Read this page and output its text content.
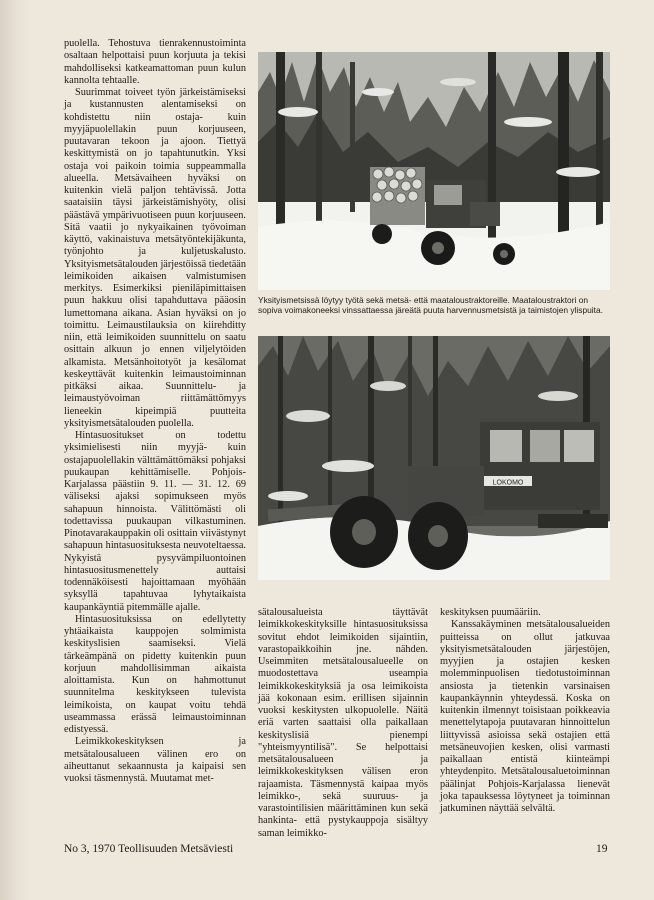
puolella. Tehostuva tienrakennustoiminta osaltaan helpottaisi puun korjuuta ja tekisi mahdolliseksi katkeamattoman puun kulun kannolta tehtaalle.

Suurimmat toiveet työn järkeistämiseksi ja kustannusten alentamiseksi on kohdistettu niin ostaja- kuin myyjäpuolellakin puun korjuuseen, puutavaran tekoon ja ajoon. Tiettyä keskittymistä on jo tapahtunutkin. Yksi ostaja voi paikoin toimia suppeammalla alueella. Metsävaiheen hyväksi on kuitenkin vielä paljon tehtävissä. Jotta saataisiin täysi järkeistämishyöty, olisi päästävä ympärivuotiseen puun korjuuseen. Sitä vaatii jo nykyaikainen työvoiman käyttö, vakinaistuva metsätyöntekijäkunta, työnjohto ja kuljetuskalusto. Yksityismetsätalouden järjestöissä tiedetään leimikoiden aikaisen valmistumisen merkitys. Esimerkiksi pieniläpimittaisen puun hakkuu olisi tapahduttava pääosin lumettomana aikana. Asian hyväksi on jo toimittu. Leimaustilauksia on kiirehditty niin, että leimikoiden suunnittelu on saatu osittain alkuun jo ennen viljelytöiden alkamista. Metsänhoitotyöt ja kesälomat keskeyttävät kuitenkin leimaustoiminnan pitkäksi aikaa. Suunnittelu- ja leimaustyövoiman riittämättömyys lieneekin kipeimpiä puutteita yksityismetsätalouden puolella.

Hintasuositukset on todettu yksimielisesti niin myyjä- kuin ostajapuolellakin välttämättömäksi pohjaksi puukaupan kehittämiselle. Pohjois-Karjalassa päästiin 9. 11. — 31. 12. 69 väliseksi ajaksi sopimukseen myös sahapuun hinnoista. Välittömästi oli todettavissa puukaupan vilkastuminen. Pinotavarakauppakin oli osittain viivästynyt sahapuun hintasuosituksesta neuvoteltaessa. Nykyistä pysyvämpiluontoinen hintasuositusmenettely auttaisi todennäköisesti hajoittamaan myöhään syksyllä tapahtuvaa lyhytaikaista kaupankäyntiä pitemmälle ajalle.

Hintasuosituksissa on edellytetty yhtäaikaista kauppojen solmimista keskityslisien saamiseksi. Vielä tärkeämpänä on pidetty kuitenkin puun korjuun mahdollisimman aikaista aloittamista. Kun on hahmottunut suunnitelma keskitykseen tulevista leimikoista, on kaupat voitu tehdä useammassa erässä leimaustoiminnan edistyessä.

Leimikkokeskityksen ja metsätalousalueen välinen ero on aiheuttanut sekaannusta ja kaipaisi sen vuoksi täsmennystä. Muutamat met-

Yksityismetsissä löytyy työtä sekä metsä- että maataloustraktoreille. Maataloustraktori on sopiva voimakoneeksi vinssattaessa järeätä puuta harvennusmetsistä ja taimistojen ylispuita.
LOKOMO

sätalousalueista täyttävät leimikkokeskityksille hintasuosituksissa sovitut ehdot leimikoiden sijaintiin, varastopaikkoihin jne. nähden. Useimmiten metsätalousalueelle on muodostettava useampia leimikkokeskityksiä ja osa leimikoista jää kokonaan esim. erillisen sijainnin vuoksi keskitysten ulkopuolelle. Näitä eriä varten saattaisi olla paikallaan keskityslisiä pienempi "yhteismyyntilisä". Se helpottaisi metsätalousalueen ja leimikkokeskityksen välisen eron rajaamista. Täsmennystä kaipaa myös leimikko-, sekä suuruus- ja varastointilisien määrittäminen kun sekä hankinta- että pystykauppoja sisältyy saman leimikko-

keskityksen puumääriin.

Kanssakäyminen metsätalousalueiden puitteissa on ollut jatkuvaa yksityismetsätalouden järjestöjen, myyjien ja ostajien kesken molemminpuolisen tiedotustoiminnan ansiosta ja tietenkin varsinaisen kaupankäynnin yhteydessä. Koska on kuitenkin ilmennyt toisistaan poikkeavia menettelytapoja puutavaran hinnoittelun liittyvissä asioissa sekä ostajien että metsäneuvojien kesken, olisi varmasti paikallaan entistä kiinteämpi yhteydenpito. Metsätalousaluetoiminnan päälinjat Pohjois-Karjalassa lienevät joka tapauksessa löytyneet ja toiminnan jatkuminen näyttää selvältä.

No 3, 1970 Teollisuuden Metsäviesti	19
